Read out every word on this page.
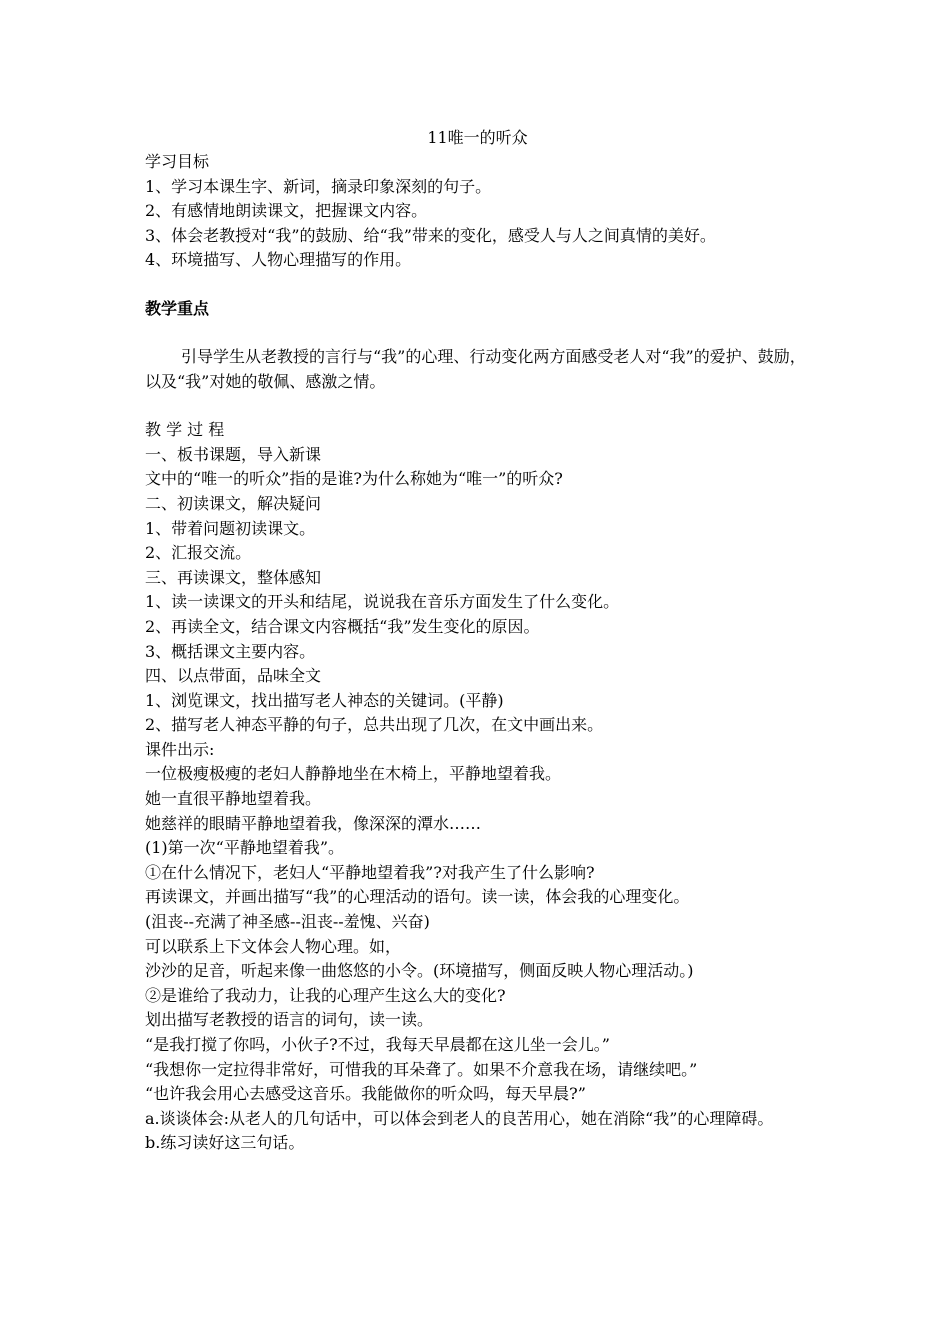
11唯一的听众
学习目标
1、学习本课生字、新词，摘录印象深刻的句子。
2、有感情地朗读课文，把握课文内容。
3、体会老教授对“我”的鼓励、给“我”带来的变化，感受人与人之间真情的美好。
4、环境描写、人物心理描写的作用。
教学重点
引导学生从老教授的言行与“我”的心理、行动变化两方面感受老人对“我”的爱护、鼓励，以及“我”对她的敬佩、感激之情。
教 学 过 程
一、板书课题，导入新课
文中的“唯一的听众”指的是谁?为什么称她为“唯一”的听众?
二、初读课文，解决疑问
1、带着问题初读课文。
2、汇报交流。
三、再读课文，整体感知
1、读一读课文的开头和结尾，说说我在音乐方面发生了什么变化。
2、再读全文，结合课文内容概括“我”发生变化的原因。
3、概括课文主要内容。
四、以点带面，品味全文
1、浏览课文，找出描写老人神态的关键词。(平静)
2、描写老人神态平静的句子，总共出现了几次，在文中画出来。
课件出示:
一位极瘦极瘦的老妇人静静地坐在木椅上，平静地望着我。
她一直很平静地望着我。
她慈祥的眼睛平静地望着我，像深深的潭水……
(1)第一次“平静地望着我”。
①在什么情况下，老妇人“平静地望着我”?对我产生了什么影响?
再读课文，并画出描写“我”的心理活动的语句。读一读，体会我的心理变化。
(沮丧--充满了神圣感--沮丧--羞愧、兴奋)
可以联系上下文体会人物心理。如，
沙沙的足音，听起来像一曲悠悠的小令。(环境描写，侧面反映人物心理活动。)
②是谁给了我动力，让我的心理产生这么大的变化?
划出描写老教授的语言的词句，读一读。
“是我打搅了你吗，小伙子?不过，我每天早晨都在这儿坐一会儿。”
“我想你一定拉得非常好，可惜我的耳朵聋了。如果不介意我在场，请继续吧。”
“也许我会用心去感受这音乐。我能做你的听众吗，每天早晨?”
a.谈谈体会:从老人的几句话中，可以体会到老人的良苦用心，她在消除“我”的心理障碍。
b.练习读好这三句话。
